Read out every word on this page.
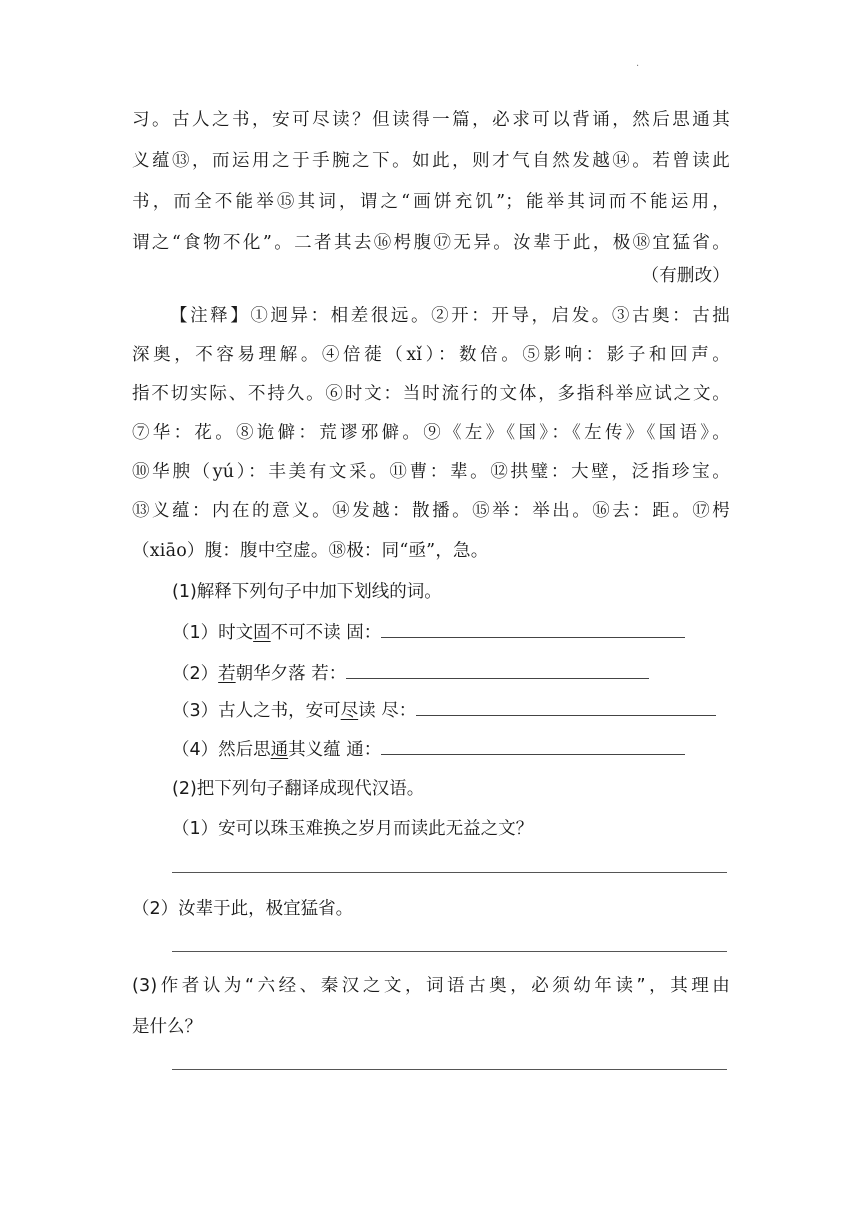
.
习。古人之书，安可尽读？但读得一篇，必求可以背诵，然后思通其
义蕴⑬，而运用之于手腕之下。如此，则才气自然发越⑭。若曾读此
书，而全不能举⑮其词，谓之“画饼充饥”；能举其词而不能运用，
谓之“食物不化”。二者其去⑯枵腹⑰无异。汝辈于此，极⑱宜猛省。
（有删改）
【注释】①迥异：相差很远。②开：开导，启发。③古奥：古拙
深奥，不容易理解。④倍蓰（xǐ）：数倍。⑤影响：影子和回声。
指不切实际、不持久。⑥时文：当时流行的文体，多指科举应试之文。
⑦华：花。⑧诡僻：荒谬邪僻。⑨《左》《国》：《左传》《国语》。
⑩华腴（yú）：丰美有文采。⑪曹：辈。⑫拱璧：大壁，泛指珍宝。
⑬义蕴：内在的意义。⑭发越：散播。⑮举：举出。⑯去：距。⑰枵
（xiāo）腹：腹中空虚。⑱极：同“亟”，急。
(1)解释下列句子中加下划线的词。
（1）时文固不可不读 固：
（2）若朝华夕落 若：
（3）古人之书，安可尽读 尽：
（4）然后思通其义蕴 通：
(2)把下列句子翻译成现代汉语。
（1）安可以珠玉难换之岁月而读此无益之文？
（2）汝辈于此，极宜猛省。
(3)作者认为“六经、秦汉之文，词语古奥，必须幼年读”，其理由
是什么？
